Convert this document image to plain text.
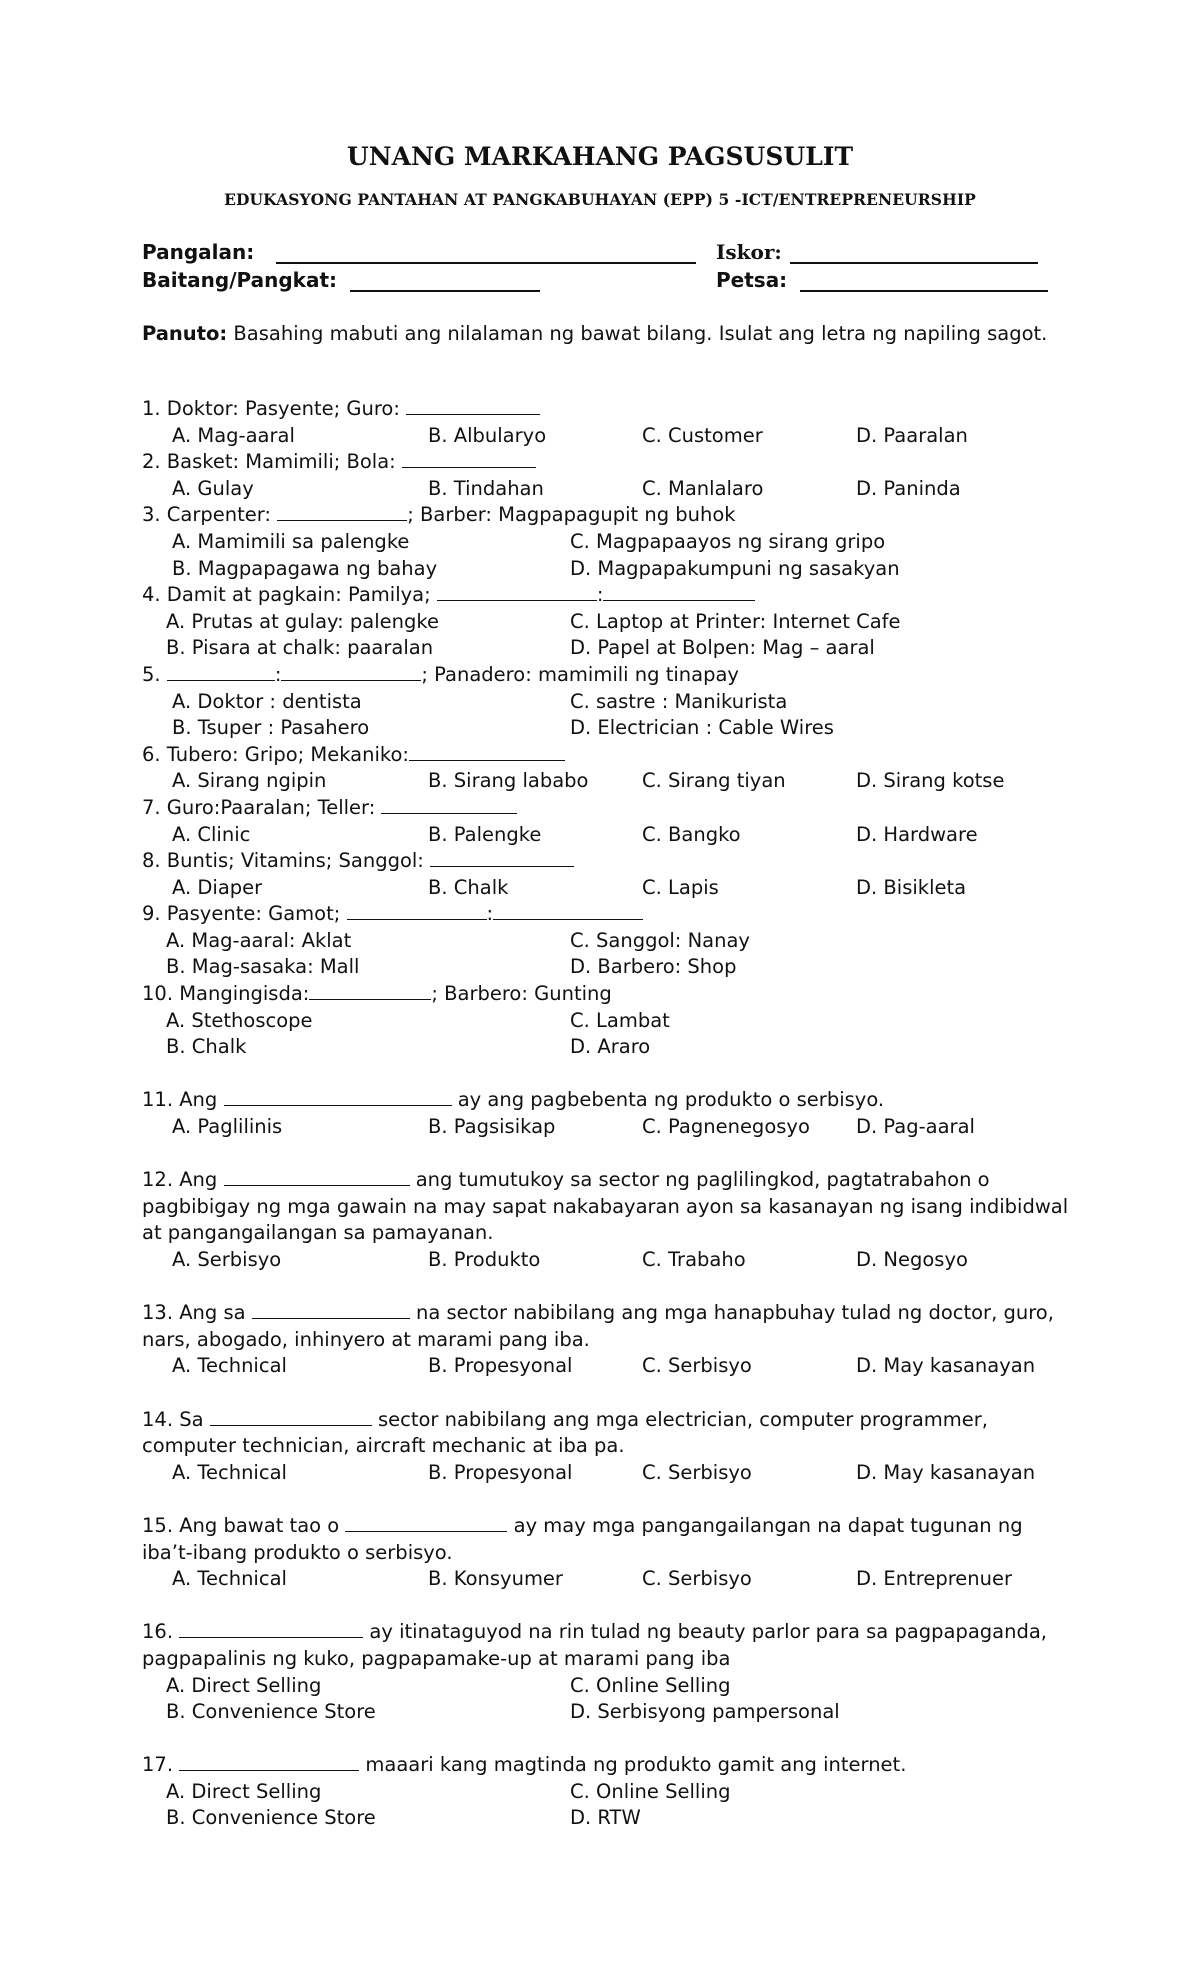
UNANG MARKAHANG PAGSUSULIT
EDUKASYONG PANTAHAN AT PANGKABUHAYAN (EPP) 5 -ICT/ENTREPRENEURSHIP
Pangalan:	Iskor:
Baitang/Pangkat:	Petsa:
Panuto: Basahing mabuti ang nilalaman ng bawat bilang. Isulat ang letra ng napiling sagot.
1. Doktor: Pasyente; Guro:
A. Mag-aaral	B. Albularyo	C. Customer	D. Paaralan
2. Basket: Mamimili; Bola:
A. Gulay	B. Tindahan	C. Manlalaro	D. Paninda
3. Carpenter:	; Barber: Magpapagupit ng buhok
A. Mamimili sa palengke	C. Magpapaayos ng sirang gripo
B. Magpapagawa ng bahay	D. Magpapakumpuni ng sasakyan
4. Damit at pagkain: Pamilya;	:
A. Prutas at gulay: palengke	C. Laptop at Printer: Internet Cafe
B. Pisara at chalk: paaralan	D. Papel at Bolpen: Mag – aaral
5.	:	; Panadero: mamimili ng tinapay
A. Doktor : dentista	C. sastre : Manikurista
B. Tsuper : Pasahero	D. Electrician : Cable Wires
6. Tubero: Gripo; Mekaniko:
A. Sirang ngipin	B. Sirang lababo	C. Sirang tiyan	D. Sirang kotse
7. Guro:Paaralan; Teller:
A. Clinic	B. Palengke	C. Bangko	D. Hardware
8. Buntis; Vitamins; Sanggol:
A. Diaper	B. Chalk	C. Lapis	D. Bisikleta
9. Pasyente: Gamot;	:
A. Mag-aaral: Aklat	C. Sanggol: Nanay
B. Mag-sasaka: Mall	D. Barbero: Shop
10. Mangingisda:	; Barbero: Gunting
A. Stethoscope	C. Lambat
B. Chalk	D. Araro
11. Ang	ay ang pagbebenta ng produkto o serbisyo.
A. Paglilinis	B. Pagsisikap	C. Pagnenegosyo D. Pag-aaral
12. Ang	ang tumutukoy sa sector ng paglilingkod, pagtatrabahon o pagbibigay ng mga gawain na may sapat nakabayaran ayon sa kasanayan ng isang indibidwal at pangangailangan sa pamayanan.
A. Serbisyo	B. Produkto	C. Trabaho	D. Negosyo
13. Ang sa	na sector nabibilang ang mga hanapbuhay tulad ng doctor, guro, nars, abogado, inhinyero at marami pang iba.
A. Technical	B. Propesyonal	C. Serbisyo	D. May kasanayan
14. Sa	sector nabibilang ang mga electrician, computer programmer, computer technician, aircraft mechanic at iba pa.
A. Technical	B. Propesyonal	C. Serbisyo	D. May kasanayan
15. Ang bawat tao o	ay may mga pangangailangan na dapat tugunan ng iba’t-ibang produkto o serbisyo.
A. Technical	B. Konsyumer	C. Serbisyo	D. Entreprenuer
16.	ay itinataguyod na rin tulad ng beauty parlor para sa pagpapaganda, pagpapalinis ng kuko, pagpapamake-up at marami pang iba
A. Direct Selling	C. Online Selling
B. Convenience Store	D. Serbisyong pampersonal
17.	maaari kang magtinda ng produkto gamit ang internet.
A. Direct Selling	C. Online Selling
B. Convenience Store	D. RTW
